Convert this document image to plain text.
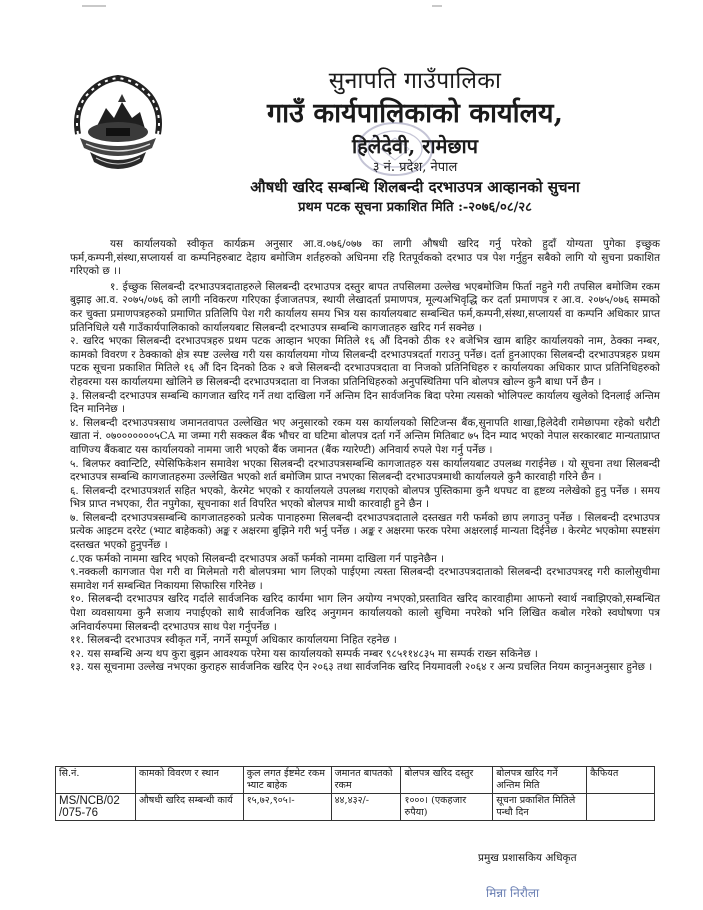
सुनापति गाउँपालिका
गाउँ कार्यपालिकाको कार्यालय,
हिलेदेवी, रामेछाप
३ नं. प्रदेश, नेपाल
औषधी खरिद सम्बन्धि शिलबन्दी दरभाउपत्र आव्हानको सुचना
प्रथम पटक सूचना प्रकाशित मिति :-२०७६/०८/२८

यस कार्यालयको स्वीकृत कार्यक्रम अनुसार आ.व.०७६/०७७ का लागी औषधी खरिद गर्नु परेको हुदाँ योग्यता पुगेका इच्छुक फर्म,कम्पनी,संस्था,सप्लायर्स वा कम्पनिहरुबाट देहाय बमोजिम शर्तहरुको अधिनमा रहि रितपूर्वकको दरभाउ पत्र पेश गर्नुहुन सबैको लागि यो सुचना प्रकाशित गरिएको छ ।।

१. ईच्छुक सिलबन्दी दरभाउपत्रदाताहरुले सिलबन्दी दरभाउपत्र दस्तुर बापत तपसिलमा उल्लेख भएबमोजिम फिर्ता नहुने गरी तपसिल बमोजिम रकम बुझाइ आ.व. २०७५/०७६ को लागी नविकरण गरिएका ईजाजतपत्र, स्थायी लेखादर्ता प्रमाणपत्र, मूल्यअभिवृद्धि कर दर्ता प्रमाणपत्र र आ.व. २०७५/०७६ सम्मको कर चुक्ता प्रमाणपत्रहरुको प्रमाणित प्रतिलिपि पेश गरी कार्यालय समय भित्र यस कार्यालयबाट सम्बन्धित फर्म,कम्पनी,संस्था,सप्लायर्स वा कम्पनि अधिकार प्राप्त प्रतिनिधिले यसै गाउँकार्यपालिकाको कार्यालयबाट सिलबन्दी दरभाउपत्र सम्बन्धि कागजातहरु खरिद गर्न सक्नेछ ।

२. खरिद भएका सिलबन्दी दरभाउपत्रहरु प्रथम पटक आव्हान भएका मितिले १६ औं दिनको ठीक १२ बजेभित्र खाम बाहिर कार्यालयको नाम, ठेक्का नम्बर, कामको विवरण र ठेक्काको क्षेत्र स्पष्ट उल्लेख गरी यस कार्यालयमा गोप्य सिलबन्दी दरभाउपत्रदर्ता गराउनु पर्नेछ। दर्ता हुनआएका सिलबन्दी दरभाउपत्रहरु प्रथम पटक सूचना प्रकाशित मितिले १६ औं दिन दिनको ठिक २ बजे सिलबन्दी दरभाउपत्रदाता वा निजको प्रतिनिधिहरु र कार्यालयका अधिकार प्राप्त प्रतिनिधिहरुको रोहवरमा यस कार्यालयमा खोलिने छ सिलबन्दी दरभाउपत्रदाता वा निजका प्रतिनिधिहरुको अनुपस्थितिमा पनि बोलपत्र खोल्न कुनै बाधा पर्ने छैन ।

३. सिलबन्दी दरभाउपत्र सम्बन्धि कागजात खरिद गर्ने तथा दाखिला गर्ने अन्तिम दिन सार्वजनिक बिदा परेमा त्यसको भोलिपल्ट कार्यालय खुलेको दिनलाई अन्तिम दिन मानिनेछ ।

४. सिलबन्दी दरभाउपत्रसाथ जमानतवापत उल्लेखित भए अनुसारको रकम यस कार्यालयको सिटिजन्स बैंक,सुनापति शाखा,हिलेदेवी रामेछापमा रहेको धरौटी खाता नं. ०७०००००००५CA मा जम्मा गरी सक्कल बैंक भौचर वा घटिमा बोलपत्र दर्ता गर्ने अन्तिम मितिबाट ७५ दिन म्याद भएको नेपाल सरकारबाट मान्यताप्राप्त वाणिज्य बैंकबाट यस कार्यालयको नाममा जारी भएको बैंक जमानत (बैंक ग्यारेण्टी) अनिवार्य रुपले पेश गर्नु पर्नेछ ।

५. बिलफर क्वान्टिटि, स्पेसिफिकेशन समावेश भएका सिलबन्दी दरभाउपत्रसम्बन्धि कागजातहरु यस कार्यालयबाट उपलब्ध गराईनेछ । यो सूचना तथा सिलबन्दी दरभाउपत्र सम्बन्धि कागजातहरुमा उल्लेखित भएको शर्त बमोजिम प्राप्त नभएका सिलबन्दी दरभाउपत्रमाथी कार्यालयले कुनै कारवाही गरिने छैन ।

६. सिलबन्दी दरभाउपत्रशर्त सहित भएको, केरमेट भएको र कार्यालयले उपलब्ध गराएको बोलपत्र पुस्तिकामा कुनै थपघट वा हृष्टव्य नलेखेको हुनु पर्नेछ । समय भित्र प्राप्त नभएका, रीत नपुगेका, सूचनाका शर्त विपरित भएको बोलपत्र माथी कारवाही हुने छैन ।

७. सिलबन्दी दरभाउपत्रसम्बन्धि कागजातहरुको प्रत्येक पानाहरुमा सिलबन्दी दरभाउपत्रदाताले दस्तखत गरी फर्मको छाप लगाउनु पर्नेछ । सिलबन्दी दरभाउपत्र प्रत्येक आइटम दररेट (भ्याट बाहेकको) अङ्क र अक्षरमा बुझिने गरी भर्नु पर्नेछ । अङ्क र अक्षरमा फरक परेमा अक्षरलाई मान्यता दिईनेछ । केरमेट भएकोमा स्पष्टसंग दस्तखत भएको हुनुपर्नेछ ।

८.एक फर्मको नाममा खरिद भएको सिलबन्दी दरभाउपत्र अर्को फर्मको नाममा दाखिला गर्न पाइनेछैन ।

९.नक्कली कागजात पेश गरी वा मिलेमतो गरी बोलपत्रमा भाग लिएको पाईएमा त्यस्ता सिलबन्दी दरभाउपत्रदाताको सिलबन्दी दरभाउपत्ररद्द गरी कालोसुचीमा समावेश गर्न सम्बन्धित निकायमा सिफारिस गरिनेछ ।

१०. सिलबन्दी दरभाउपत्र खरिद गर्दाले सार्वजनिक खरिद कार्यमा भाग लिन अयोग्य नभएको,प्रस्तावित खरिद कारवाहीमा आफनो स्वार्थ नबाझिएको,सम्बन्धित पेशा व्यवसायमा कुनै सजाय नपाईएको साथै सार्वजनिक खरिद अनुगमन कार्यालयको कालो सुचिमा नपरेको भनि लिखित कबोल गरेको स्वघोषणा पत्र अनिवार्यरुपमा सिलबन्दी दरभाउपत्र साथ पेश गर्नुपर्नेछ ।

११. सिलबन्दी दरभाउपत्र स्वीकृत गर्ने, नगर्ने सम्पूर्ण अधिकार कार्यालयमा निहित रहनेछ ।

१२. यस सम्बन्धि अन्य थप कुरा बुझन आवश्यक परेमा यस कार्यालयको सम्पर्क नम्बर ९८५११४८३५ मा सम्पर्क राख्न सकिनेछ ।

१३. यस सूचनामा उल्लेख नभएका कुराहरु सार्वजनिक खरिद ऐन २०६३ तथा सार्वजनिक खरिद नियमावली २०६४ र अन्य प्रचलित नियम कानुनअनुसार हुनेछ ।

सि.नं.	कामको विवरण र स्थान	कुल लगत ईष्टमेट रकम भ्याट बाहेक	जमानत बापतको रकम	बोलपत्र खरिद दस्तुर	बोलपत्र खरिद गर्ने अन्तिम मिति	कैफियत
MS/NCB/02 /075-76	औषधी खरिद सम्बन्धी कार्य	१५,७२,९०५।-	४४,४३२/-	१०००। (एकहजार रुपैया)	सूचना प्रकाशित मितिले पन्धौ दिन	
प्रमुख प्रशासकिय अधिकृत
मिन्ना निरौला
